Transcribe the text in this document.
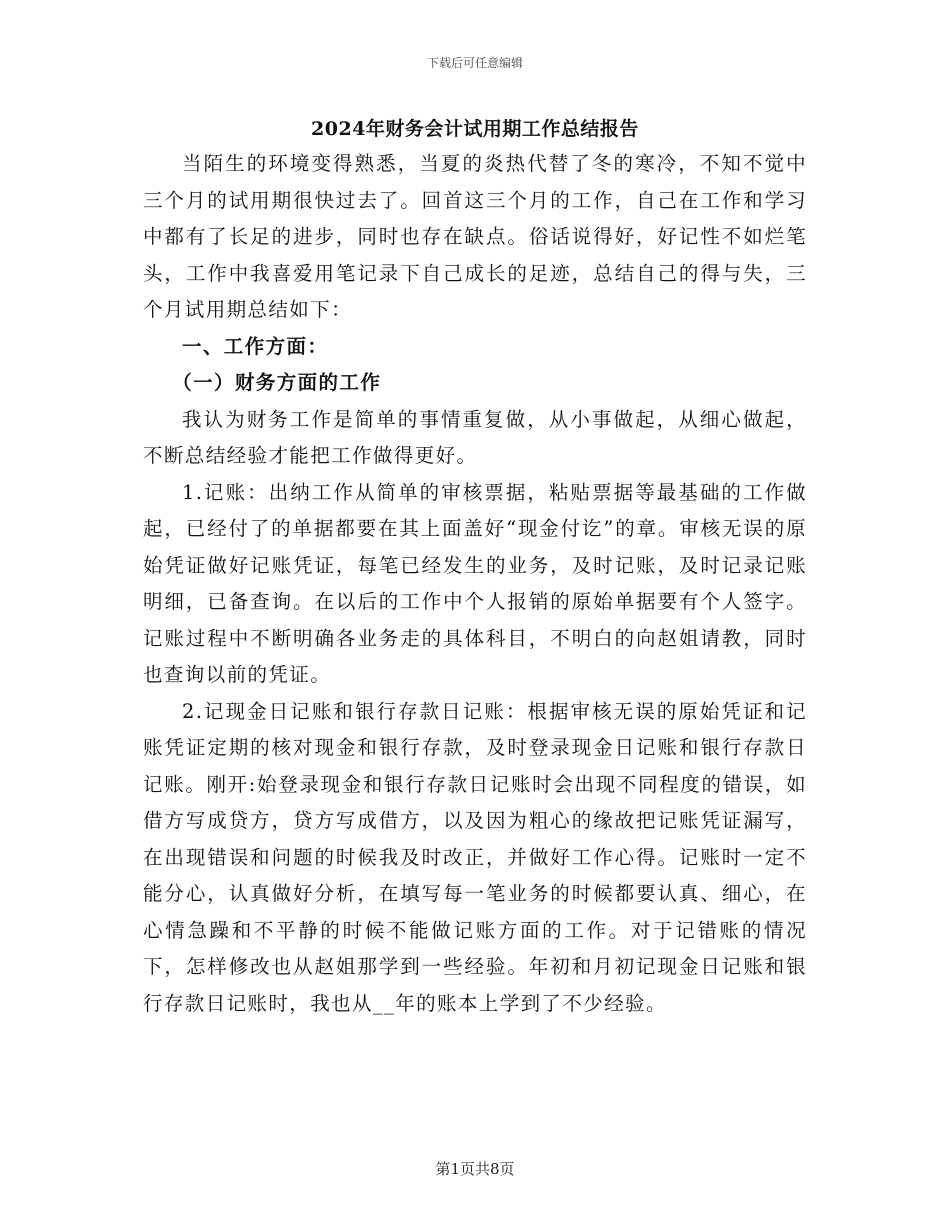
下载后可任意编辑
2024年财务会计试用期工作总结报告

当陌生的环境变得熟悉，当夏的炎热代替了冬的寒冷，不知不觉中三个月的试用期很快过去了。回首这三个月的工作，自己在工作和学习中都有了长足的进步，同时也存在缺点。俗话说得好，好记性不如烂笔头，工作中我喜爱用笔记录下自己成长的足迹，总结自己的得与失，三个月试用期总结如下：

一、工作方面：

（一）财务方面的工作

我认为财务工作是简单的事情重复做，从小事做起，从细心做起，不断总结经验才能把工作做得更好。

1.记账：出纳工作从简单的审核票据，粘贴票据等最基础的工作做起，已经付了的单据都要在其上面盖好“现金付讫”的章。审核无误的原始凭证做好记账凭证，每笔已经发生的业务，及时记账，及时记录记账明细，已备查询。在以后的工作中个人报销的原始单据要有个人签字。记账过程中不断明确各业务走的具体科目，不明白的向赵姐请教，同时也查询以前的凭证。

2.记现金日记账和银行存款日记账：根据审核无误的原始凭证和记账凭证定期的核对现金和银行存款，及时登录现金日记账和银行存款日记账。刚开:始登录现金和银行存款日记账时会出现不同程度的错误，如借方写成贷方，贷方写成借方，以及因为粗心的缘故把记账凭证漏写，在出现错误和问题的时候我及时改正，并做好工作心得。记账时一定不能分心，认真做好分析，在填写每一笔业务的时候都要认真、细心，在心情急躁和不平静的时候不能做记账方面的工作。对于记错账的情况下，怎样修改也从赵姐那学到一些经验。年初和月初记现金日记账和银行存款日记账时，我也从__年的账本上学到了不少经验。

第1页共8页
